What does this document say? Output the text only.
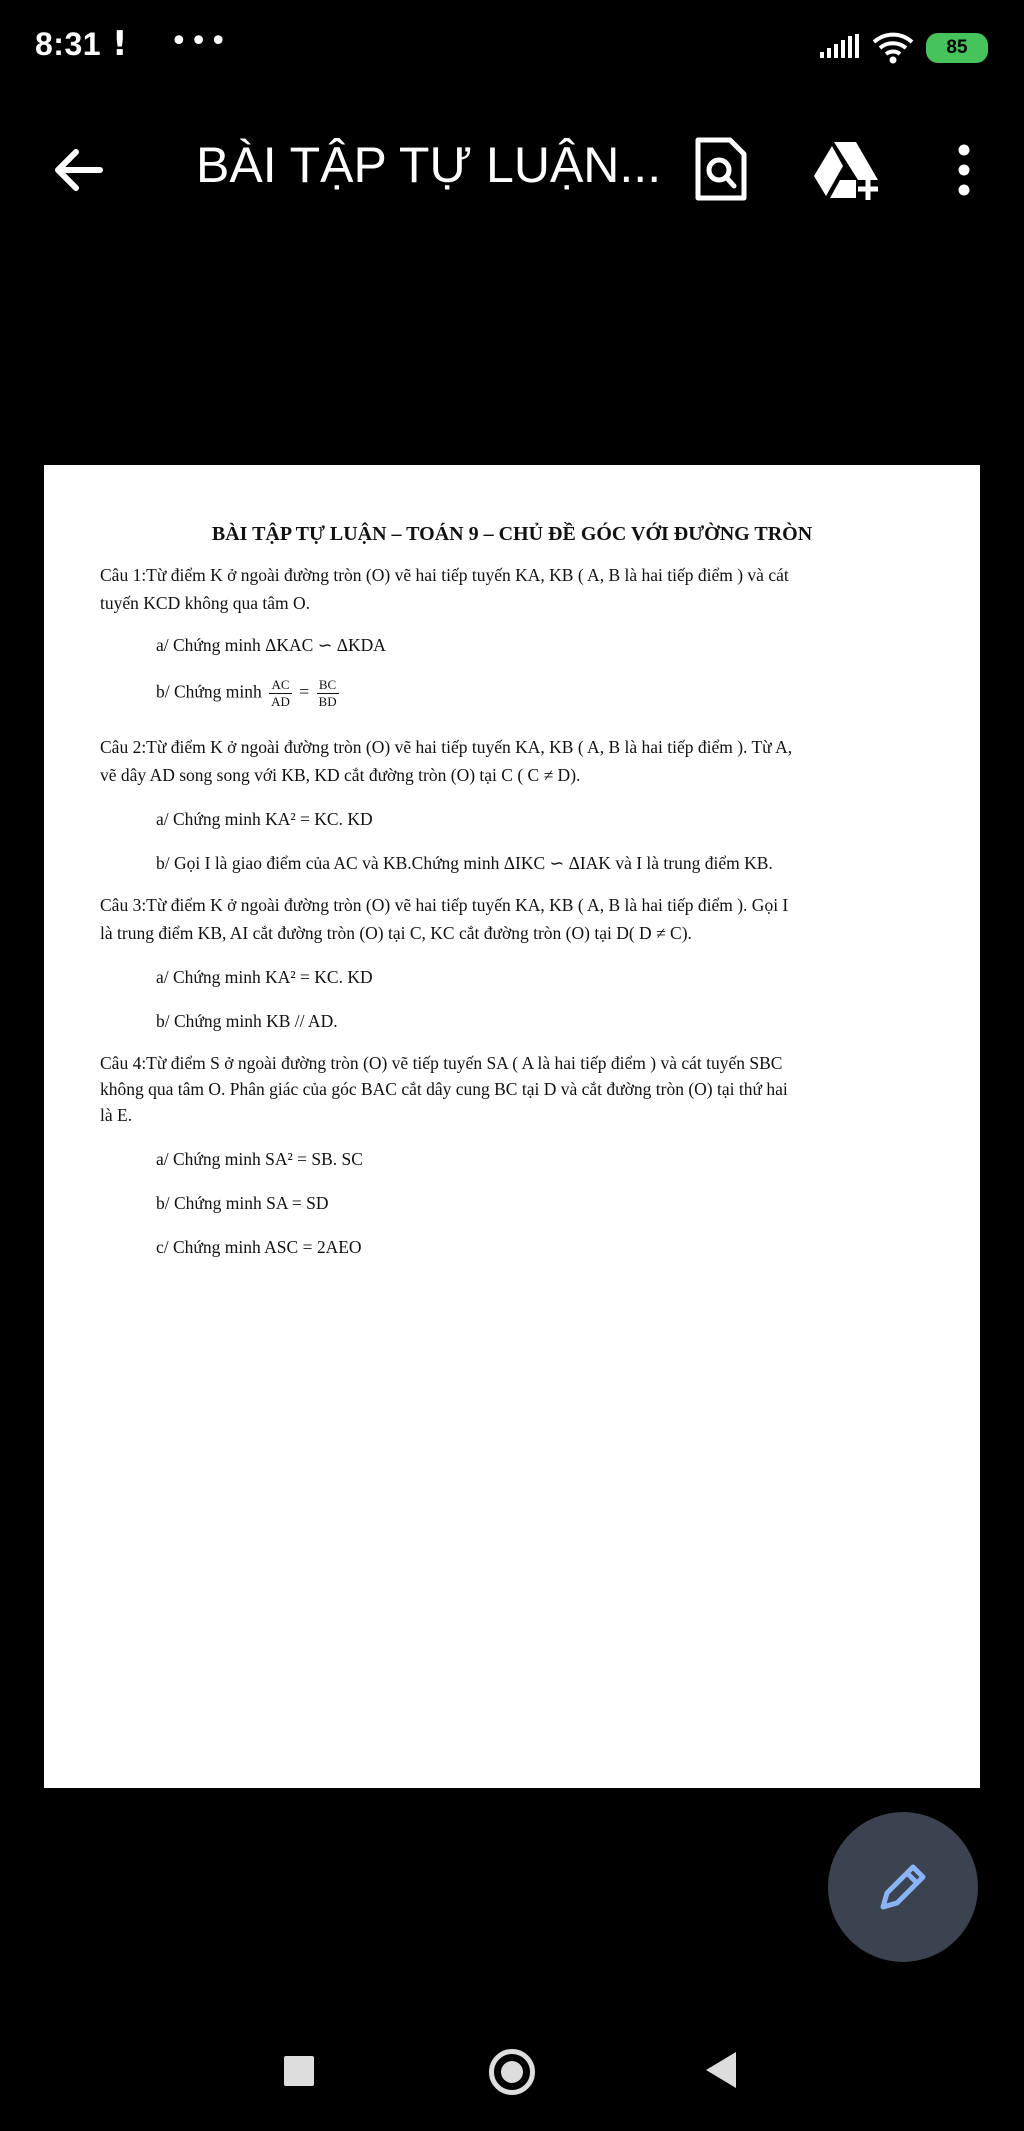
8:31 ! •••	85
BÀI TẬP TỰ LUẬN...
BÀI TẬP TỰ LUẬN – TOÁN 9 – CHỦ ĐỀ GÓC VỚI ĐƯỜNG TRÒN
Câu 1:Từ điểm K ở ngoài đường tròn (O) vẽ hai tiếp tuyến KA, KB ( A, B là hai tiếp điểm ) và cát
tuyến KCD không qua tâm O.
a/ Chứng minh ΔKAC ∽ ΔKDA
b/ Chứng minh $\frac{AC}{AD} = \frac{BC}{BD}$
Câu 2:Từ điểm K ở ngoài đường tròn (O) vẽ hai tiếp tuyến KA, KB ( A, B là hai tiếp điểm ). Từ A,
vẽ dây AD song song với KB, KD cắt đường tròn (O) tại C ( C ≠ D).
a/ Chứng minh KA² = KC. KD
b/ Gọi I là giao điểm của AC và KB.Chứng minh ΔIKC ∽ ΔIAK và I là trung điểm KB.
Câu 3:Từ điểm K ở ngoài đường tròn (O) vẽ hai tiếp tuyến KA, KB ( A, B là hai tiếp điểm ). Gọi I
là trung điểm KB, AI cắt đường tròn (O) tại C, KC cắt đường tròn (O) tại D( D ≠ C).
a/ Chứng minh KA² = KC. KD
b/ Chứng minh KB // AD.
Câu 4:Từ điểm S ở ngoài đường tròn (O) vẽ tiếp tuyến SA ( A là hai tiếp điểm ) và cát tuyến SBC
không qua tâm O. Phân giác của góc BAC cắt dây cung BC tại D và cắt đường tròn (O) tại thứ hai
là E.
a/ Chứng minh SA² = SB. SC
b/ Chứng minh SA = SD
c/ Chứng minh ASC = 2AEO
